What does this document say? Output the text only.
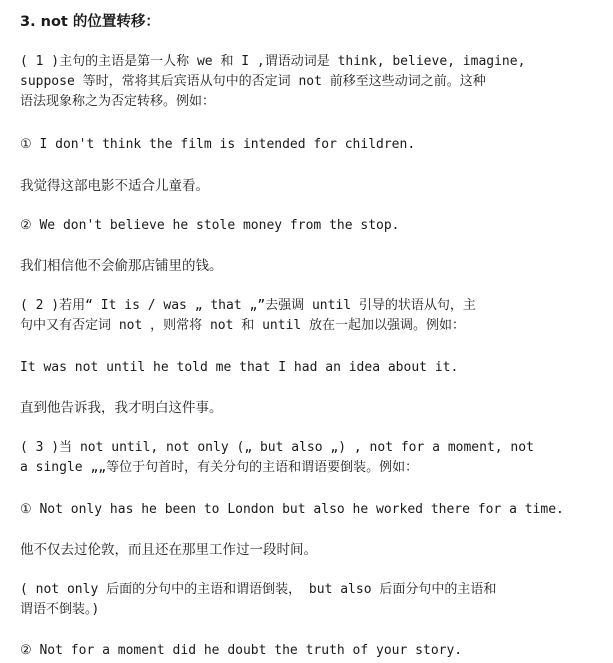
3. not 的位置转移：
( 1 )主句的主语是第一人称 we 和 I ,谓语动词是 think, believe, imagine,
suppose 等时，常将其后宾语从句中的否定词 not 前移至这些动词之前。这种
语法现象称之为否定转移。例如：
① I don't think the film is intended for children.
我觉得这部电影不适合儿童看。
② We don't believe he stole money from the stop.
我们相信他不会偷那店铺里的钱。
( 2 )若用“ It is / was „ that „”去强调 until 引导的状语从句，主
句中又有否定词 not ，则常将 not 和 until 放在一起加以强调。例如：
It was not until he told me that I had an idea about it.
直到他告诉我，我才明白这件事。
( 3 )当 not until, not only („ but also „) , not for a moment, not
a single „„等位于句首时，有关分句的主语和谓语要倒装。例如：
① Not only has he been to London but also he worked there for a time.
他不仅去过伦敦，而且还在那里工作过一段时间。
( not only 后面的分句中的主语和谓语倒装， but also 后面分句中的主语和
谓语不倒装。)
② Not for a moment did he doubt the truth of your story.
